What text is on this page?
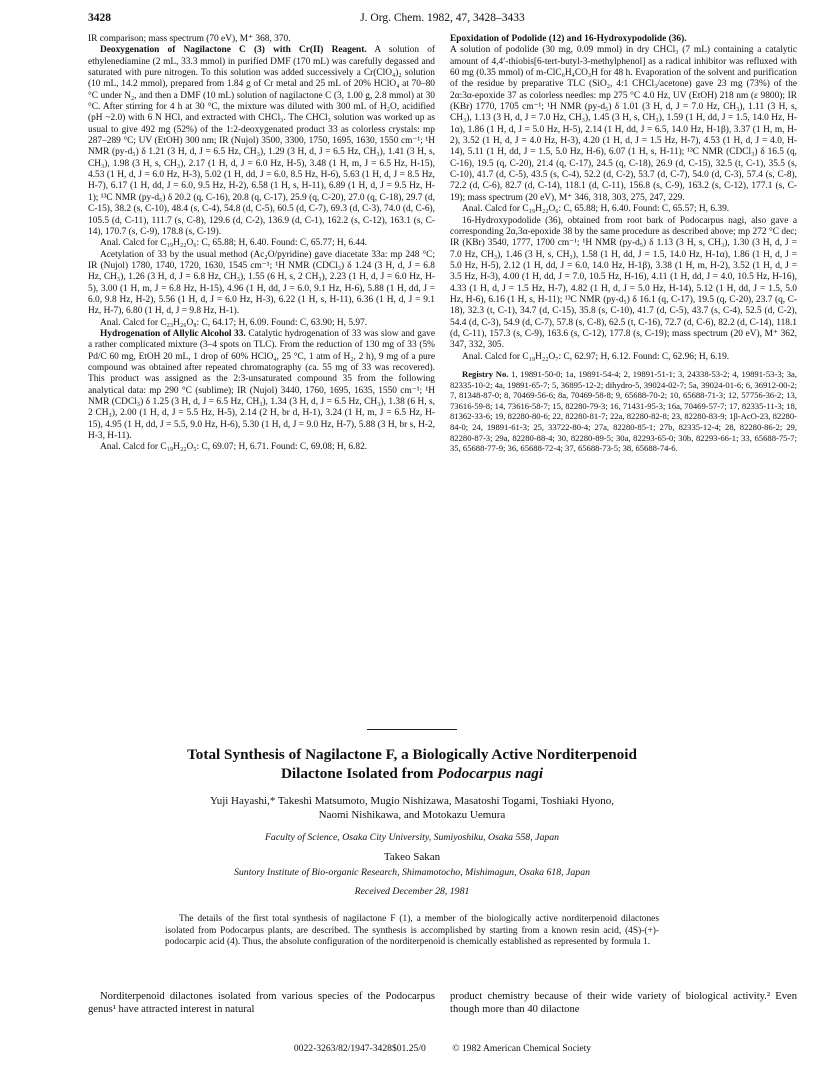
3428	J. Org. Chem. 1982, 47, 3428–3433

IR comparison; mass spectrum (70 eV), M⁺ 368, 370.

Deoxygenation of Nagilactone C (3) with Cr(II) Reagent. A solution of ethylenediamine (2 mL, 33.3 mmol) in purified DMF (170 mL) was carefully degassed and saturated with pure nitrogen. To this solution was added successively a Cr(ClO₄)₂ solution (10 mL, 14.2 mmol), prepared from 1.84 g of Cr metal and 25 mL of 20% HClO₄ at 70–80 °C under N₂, and then a DMF (10 mL) solution of nagilactone C (3, 1.00 g, 2.8 mmol) at 30 °C. After stirring for 4 h at 30 °C, the mixture was diluted with 300 mL of H₂O, acidified (pH ~2.0) with 6 N HCl, and extracted with CHCl₃. The CHCl₃ solution was worked up as usual to give 492 mg (52%) of the 1:2-deoxygenated product 33 as colorless crystals: mp 287–289 °C; UV (EtOH) 300 nm; IR (Nujol) 3500, 3300, 1750, 1695, 1630, 1550 cm⁻¹; ¹H NMR (py-d₅) δ 1.21 (3 H, d, J = 6.5 Hz, CH₃), 1.29 (3 H, d, J = 6.5 Hz, CH₃), 1.41 (3 H, s, CH₃), 1.98 (3 H, s, CH₃), 2.17 (1 H, d, J = 6.0 Hz, H-5), 3.48 (1 H, m, J = 6.5 Hz, H-15), 4.53 (1 H, d, J = 6.0 Hz, H-3), 5.02 (1 H, dd, J = 6.0, 8.5 Hz, H-6), 5.63 (1 H, d, J = 8.5 Hz, H-7), 6.17 (1 H, dd, J = 6.0, 9.5 Hz, H-2), 6.58 (1 H, s, H-11), 6.89 (1 H, d, J = 9.5 Hz, H-1); ¹³C NMR (py-d₅) δ 20.2 (q, C-16), 20.8 (q, C-17), 25.9 (q, C-20), 27.0 (q, C-18), 29.7 (d, C-15), 38.2 (s, C-10), 48.4 (s, C-4), 54.8 (d, C-5), 60.5 (d, C-7), 69.3 (d, C-3), 74.0 (d, C-6), 105.5 (d, C-11), 111.7 (s, C-8), 129.6 (d, C-2), 136.9 (d, C-1), 162.2 (s, C-12), 163.1 (s, C-14), 170.7 (s, C-9), 178.8 (s, C-19).

Anal. Calcd for C₁₉H₂₂O₆: C, 65.88; H, 6.40. Found: C, 65.77; H, 6.44.

Acetylation of 33 by the usual method (Ac₂O/pyridine) gave diacetate 33a: mp 248 °C; IR (Nujol) 1780, 1740, 1720, 1630, 1545 cm⁻¹; ¹H NMR (CDCl₃) δ 1.24 (3 H, d, J = 6.8 Hz, CH₃), 1.26 (3 H, d, J = 6.8 Hz, CH₃), 1.55 (6 H, s, 2 CH₃), 2.23 (1 H, d, J = 6.0 Hz, H-5), 3.00 (1 H, m, J = 6.8 Hz, H-15), 4.96 (1 H, dd, J = 6.0, 9.1 Hz, H-6), 5.88 (1 H, dd, J = 6.0, 9.8 Hz, H-2), 5.56 (1 H, d, J = 6.0 Hz, H-3), 6.22 (1 H, s, H-11), 6.36 (1 H, d, J = 9.1 Hz, H-7), 6.80 (1 H, d, J = 9.8 Hz, H-1).

Anal. Calcd for C₂₃H₂₆O₈: C, 64.17; H, 6.09. Found: C, 63.90; H, 5.97.

Hydrogenation of Allylic Alcohol 33. Catalytic hydrogenation of 33 was slow and gave a rather complicated mixture (3–4 spots on TLC). From the reduction of 130 mg of 33 (5% Pd/C 60 mg, EtOH 20 mL, 1 drop of 60% HClO₄, 25 °C, 1 atm of H₂, 2 h), 9 mg of a pure compound was obtained after repeated chromatography (ca. 55 mg of 33 was recovered). This product was assigned as the 2:3-unsaturated compound 35 from the following analytical data: mp 290 °C (sublime); IR (Nujol) 3440, 1760, 1695, 1635, 1550 cm⁻¹; ¹H NMR (CDCl₃) δ 1.25 (3 H, d, J = 6.5 Hz, CH₃), 1.34 (3 H, d, J = 6.5 Hz, CH₃), 1.38 (6 H, s, 2 CH₃), 2.00 (1 H, d, J = 5.5 Hz, H-5), 2.14 (2 H, br d, H-1), 3.24 (1 H, m, J = 6.5 Hz, H-15), 4.95 (1 H, dd, J = 5.5, 9.0 Hz, H-6), 5.30 (1 H, d, J = 9.0 Hz, H-7), 5.88 (3 H, br s, H-2, H-3, H-11).

Anal. Calcd for C₁₉H₂₂O₅: C, 69.07; H, 6.71. Found: C, 69.08; H, 6.82.

Epoxidation of Podolide (12) and 16-Hydroxypodolide (36).

A solution of podolide (30 mg, 0.09 mmol) in dry CHCl₃ (7 mL) containing a catalytic amount of 4,4′-thiobis[6-tert-butyl-3-methylphenol] as a radical inhibitor was refluxed with 60 mg (0.35 mmol) of m-ClC₆H₄CO₃H for 48 h. Evaporation of the solvent and purification of the residue by preparative TLC (SiO₂, 4:1 CHCl₃/acetone) gave 23 mg (73%) of the 2α:3α-epoxide 37 as colorless needles: mp 275 °C 4.0 Hz, UV (EtOH) 218 nm (ε 9800); IR (KBr) 1770, 1705 cm⁻¹; ¹H NMR (py-d₅) δ 1.01 (3 H, d, J = 7.0 Hz, CH₃), 1.11 (3 H, s, CH₃), 1.13 (3 H, d, J = 7.0 Hz, CH₃), 1.45 (3 H, s, CH₃), 1.59 (1 H, dd, J = 1.5, 14.0 Hz, H-1α), 1.86 (1 H, d, J = 5.0 Hz, H-5), 2.14 (1 H, dd, J = 6.5, 14.0 Hz, H-1β), 3.37 (1 H, m, H-2), 3.52 (1 H, d, J = 4.0 Hz, H-3), 4.20 (1 H, d, J = 1.5 Hz, H-7), 4.53 (1 H, d, J = 4.0, H-14), 5.11 (1 H, dd, J = 1.5, 5.0 Hz, H-6), 6.07 (1 H, s, H-11); ¹³C NMR (CDCl₃) δ 16.5 (q, C-16), 19.5 (q, C-20), 21.4 (q, C-17), 24.5 (q, C-18), 26.9 (d, C-15), 32.5 (t, C-1), 35.5 (s, C-10), 41.7 (d, C-5), 43.5 (s, C-4), 52.2 (d, C-2), 53.7 (d, C-7), 54.0 (d, C-3), 57.4 (s, C-8), 72.2 (d, C-6), 82.7 (d, C-14), 118.1 (d, C-11), 156.8 (s, C-9), 163.2 (s, C-12), 177.1 (s, C-19); mass spectrum (20 eV), M⁺ 346, 318, 303, 275, 247, 229.

Anal. Calcd for C₁₉H₂₂O₆: C, 65.88; H, 6.40. Found: C, 65.57; H, 6.39.

16-Hydroxypodolide (36), obtained from root bark of Podocarpus nagi, also gave a corresponding 2α,3α-epoxide 38 by the same procedure as described above; mp 272 °C dec; IR (KBr) 3540, 1777, 1700 cm⁻¹; ¹H NMR (py-d₅) δ 1.13 (3 H, s, CH₃), 1.30 (3 H, d, J = 7.0 Hz, CH₃), 1.46 (3 H, s, CH₃), 1.58 (1 H, dd, J = 1.5, 14.0 Hz, H-1α), 1.86 (1 H, d, J = 5.0 Hz, H-5), 2.12 (1 H, dd, J = 6.0, 14.0 Hz, H-1β), 3.38 (1 H, m, H-2), 3.52 (1 H, d, J = 3.5 Hz, H-3), 4.00 (1 H, dd, J = 7.0, 10.5 Hz, H-16), 4.11 (1 H, dd, J = 4.0, 10.5 Hz, H-16), 4.33 (1 H, d, J = 1.5 Hz, H-7), 4.82 (1 H, d, J = 5.0 Hz, H-14), 5.12 (1 H, dd, J = 1.5, 5.0 Hz, H-6), 6.16 (1 H, s, H-11); ¹³C NMR (py-d₅) δ 16.1 (q, C-17), 19.5 (q, C-20), 23.7 (q, C-18), 32.3 (t, C-1), 34.7 (d, C-15), 35.8 (s, C-10), 41.7 (d, C-5), 43.7 (s, C-4), 52.5 (d, C-2), 54.4 (d, C-3), 54.9 (d, C-7), 57.8 (s, C-8), 62.5 (t, C-16), 72.7 (d, C-6), 82.2 (d, C-14), 118.1 (d, C-11), 157.3 (s, C-9), 163.6 (s, C-12), 177.8 (s, C-19); mass spectrum (20 eV), M⁺ 362, 347, 332, 305.

Anal. Calcd for C₁₉H₂₂O₇: C, 62.97; H, 6.12. Found: C, 62.96; H, 6.19.

Registry No. 1, 19891-50-0; 1a, 19891-54-4; 2, 19891-51-1; 3, 24338-53-2; 4, 19891-53-3; 3a, 82335-10-2; 4a, 19891-65-7; 5, 36895-12-2; dihydro-5, 39024-02-7; 5a, 39024-01-6; 6, 36912-00-2; 7, 81348-87-0; 8, 70469-56-6; 8a, 70469-58-8; 9, 65688-70-2; 10, 65688-71-3; 12, 57756-36-2; 13, 73616-59-8; 14, 73616-58-7; 15, 82280-79-3; 16, 71431-95-3; 16a, 70469-57-7; 17, 82335-11-3; 18, 81362-33-6; 19, 82280-80-6; 22, 82280-81-7; 22a, 82280-82-8; 23, 82280-83-9; 1β-AcO-23, 82280-84-0; 24, 19891-61-3; 25, 33722-80-4; 27a, 82280-85-1; 27b, 82335-12-4; 28, 82280-86-2; 29, 82280-87-3; 29a, 82280-88-4; 30, 82280-89-5; 30a, 82293-65-0; 30b, 82293-66-1; 33, 65688-75-7; 35, 65688-77-9; 36, 65688-72-4; 37, 65688-73-5; 38, 65688-74-6.

Total Synthesis of Nagilactone F, a Biologically Active Norditerpenoid
Dilactone Isolated from Podocarpus nagi
Yuji Hayashi,* Takeshi Matsumoto, Mugio Nishizawa, Masatoshi Togami, Toshiaki Hyono,
Naomi Nishikawa, and Motokazu Uemura
Faculty of Science, Osaka City University, Sumiyoshiku, Osaka 558, Japan
Takeo Sakan
Suntory Institute of Bio-organic Research, Shimamotocho, Mishimagun, Osaka 618, Japan
Received December 28, 1981
The details of the first total synthesis of nagilactone F (1), a member of the biologically active norditerpenoid dilactones isolated from Podocarpus plants, are described. The synthesis is accomplished by starting from a known resin acid, (4S)-(+)-podocarpic acid (4). Thus, the absolute configuration of the norditerpenoid is chemically established as represented by formula 1.

Norditerpenoid dilactones isolated from various species of the Podocarpus genus¹ have attracted interest in natural

product chemistry because of their wide variety of biological activity.² Even though more than 40 dilactone

0022-3263/82/1947-3428$01.25/0	© 1982 American Chemical Society
